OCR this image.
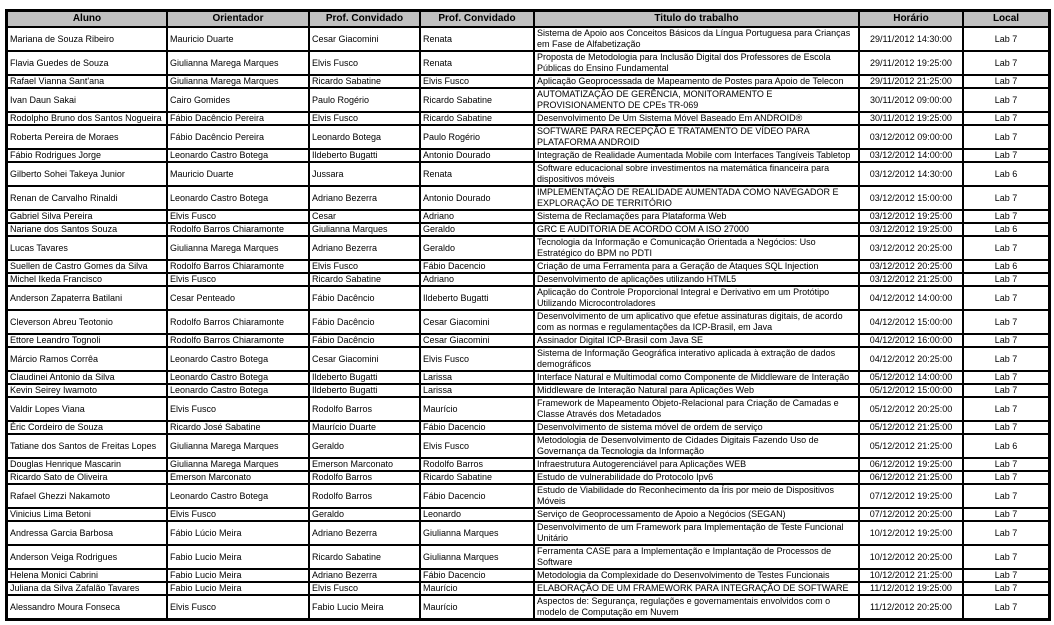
Aluno	Orientador	Prof. Convidado	Prof. Convidado	Titulo do trabalho	Horário	Local
Mariana de Souza Ribeiro	Mauricio Duarte	Cesar Giacomini	Renata	Sistema de Apoio aos Conceitos Básicos da Língua Portuguesa para Crianças em Fase de Alfabetização	29/11/2012 14:30:00	Lab 7
Flavia Guedes de Souza	Giulianna Marega Marques	Elvis Fusco	Renata	Proposta de Metodologia para Inclusão Digital dos Professores de Escola Públicas do Ensino Fundamental	29/11/2012 19:25:00	Lab 7
Rafael Vianna Sant'ana	Giulianna Marega Marques	Ricardo Sabatine	Elvis Fusco	Aplicação Geoprocessada de Mapeamento de Postes para Apoio de Telecon	29/11/2012 21:25:00	Lab 7
Ivan Daun Sakai	Cairo Gomides	Paulo Rogério	Ricardo Sabatine	AUTOMATIZAÇÃO DE GERÊNCIA, MONITORAMENTO E PROVISIONAMENTO DE CPEs TR-069	30/11/2012 09:00:00	Lab 7
Rodolpho Bruno dos Santos Nogueira	Fábio Dacêncio Pereira	Elvis Fusco	Ricardo Sabatine	Desenvolvimento De Um Sistema Móvel Baseado Em ANDROID®	30/11/2012 19:25:00	Lab 7
Roberta Pereira de Moraes	Fábio Dacêncio Pereira	Leonardo Botega	Paulo Rogério	SOFTWARE PARA RECEPÇÃO E TRATAMENTO DE VÍDEO PARA PLATAFORMA ANDROID	03/12/2012 09:00:00	Lab 7
Fábio Rodrigues Jorge	Leonardo Castro Botega	Ildeberto Bugatti	Antonio Dourado	Integração de Realidade Aumentada Mobile com Interfaces Tangíveis Tabletop	03/12/2012 14:00:00	Lab 7
Gilberto Sohei Takeya Junior	Mauricio Duarte	Jussara	Renata	Software educacional sobre investimentos na matemática financeira para dispositivos móveis	03/12/2012 14:30:00	Lab 6
Renan de Carvalho Rinaldi	Leonardo Castro Botega	Adriano Bezerra	Antonio Dourado	IMPLEMENTAÇÃO DE REALIDADE AUMENTADA COMO NAVEGADOR E EXPLORAÇÃO DE TERRITÓRIO	03/12/2012 15:00:00	Lab 7
Gabriel Silva Pereira	Elvis Fusco	Cesar	Adriano	Sistema de Reclamações para Plataforma Web	03/12/2012 19:25:00	Lab 7
Nariane dos Santos Souza	Rodolfo Barros Chiaramonte	Giulianna Marques	Geraldo	GRC E AUDITORIA DE ACORDO COM A ISO 27000	03/12/2012 19:25:00	Lab 6
Lucas Tavares	Giulianna Marega Marques	Adriano Bezerra	Geraldo	Tecnologia da Informação e Comunicação Orientada a Negócios: Uso Estratégico do BPM no PDTI	03/12/2012 20:25:00	Lab 7
Suellen de Castro Gomes da Silva	Rodolfo Barros Chiaramonte	Elvis Fusco	Fábio Dacencio	Criação de uma Ferramenta para a Geração de Ataques SQL Injection	03/12/2012 20:25:00	Lab 6
Michel Ikeda Francisco	Elvis Fusco	Ricardo Sabatine	Adriano	Desenvolvimento de aplicações utilizando HTML5	03/12/2012 21:25:00	Lab 7
Anderson Zapaterra Batilani	Cesar Penteado	Fábio Dacêncio	Ildeberto Bugatti	Aplicação do Controle Proporcional Integral e Derivativo em um Protótipo Utilizando Microcontroladores	04/12/2012 14:00:00	Lab 7
Cleverson Abreu Teotonio	Rodolfo Barros Chiaramonte	Fábio Dacêncio	Cesar Giacomini	Desenvolvimento de um aplicativo que efetue assinaturas digitais, de acordo com as normas e regulamentações da ICP-Brasil, em Java	04/12/2012 15:00:00	Lab 7
Ettore Leandro Tognoli	Rodolfo Barros Chiaramonte	Fábio Dacêncio	Cesar Giacomini	Assinador Digital ICP-Brasil com Java SE	04/12/2012 16:00:00	Lab 7
Márcio Ramos Corrêa	Leonardo Castro Botega	Cesar Giacomini	Elvis Fusco	Sistema de Informação Geográfica interativo aplicada à extração de dados demográficos	04/12/2012 20:25:00	Lab 7
Claudinei Antonio da Silva	Leonardo Castro Botega	Ildeberto Bugatti	Larissa	Interface Natural e Multimodal como Componente de Middleware de Interação	05/12/2012 14:00:00	Lab 7
Kevin Seirey Iwamoto	Leonardo Castro Botega	Ildeberto Bugatti	Larissa	Middleware de Interação Natural para Aplicações Web	05/12/2012 15:00:00	Lab 7
Valdir Lopes Viana	Elvis Fusco	Rodolfo Barros	Maurício	Framework de Mapeamento Objeto-Relacional para Criação de Camadas e Classe Através dos Metadados	05/12/2012 20:25:00	Lab 7
Éric Cordeiro de Souza	Ricardo José Sabatine	Maurício Duarte	Fábio Dacencio	Desenvolvimento de sistema móvel de ordem de serviço	05/12/2012 21:25:00	Lab 7
Tatiane dos Santos de Freitas Lopes	Giulianna Marega Marques	Geraldo	Elvis Fusco	Metodologia de Desenvolvimento de Cidades Digitais Fazendo Uso de Governança da Tecnologia da Informação	05/12/2012 21:25:00	Lab 6
Douglas Henrique Mascarin	Giulianna Marega Marques	Emerson Marconato	Rodolfo Barros	Infraestrutura Autogerenciável para Aplicações WEB	06/12/2012 19:25:00	Lab 7
Ricardo Sato de Oliveira	Emerson Marconato	Rodolfo Barros	Ricardo Sabatine	Estudo de vulnerabilidade do Protocolo Ipv6	06/12/2012 21:25:00	Lab 7
Rafael Ghezzi Nakamoto	Leonardo Castro Botega	Rodolfo Barros	Fábio Dacencio	Estudo de Viabilidade do Reconhecimento da Íris por meio de Dispositivos Móveis	07/12/2012 19:25:00	Lab 7
Vinicius Lima Betoni	Elvis Fusco	Geraldo	Leonardo	Serviço de Geoprocessamento de Apoio a Negócios (SEGAN)	07/12/2012 20:25:00	Lab 7
Andressa Garcia Barbosa	Fábio Lúcio Meira	Adriano Bezerra	Giulianna Marques	Desenvolvimento de um Framework para Implementação de Teste Funcional Unitário	10/12/2012 19:25:00	Lab 7
Anderson Veiga Rodrigues	Fabio Lucio Meira	Ricardo Sabatine	Giulianna Marques	Ferramenta CASE para a Implementação e Implantação de Processos de Software	10/12/2012 20:25:00	Lab 7
Helena Monici Cabrini	Fabio Lucio Meira	Adriano Bezerra	Fábio Dacencio	Metodologia da Complexidade do Desenvolvimento de Testes Funcionais	10/12/2012 21:25:00	Lab 7
Juliana da Silva Zafalão Tavares	Fabio Lucio Meira	Elvis Fusco	Maurício	ELABORAÇÃO DE UM FRAMEWORK PARA INTEGRAÇÃO DE SOFTWARE	11/12/2012 19:25:00	Lab 7
Alessandro Moura Fonseca	Elvis Fusco	Fabio Lucio Meira	Maurício	Aspectos de: Segurança, regulações e governamentais envolvidos com o modelo de Computação em Nuvem	11/12/2012 20:25:00	Lab 7
